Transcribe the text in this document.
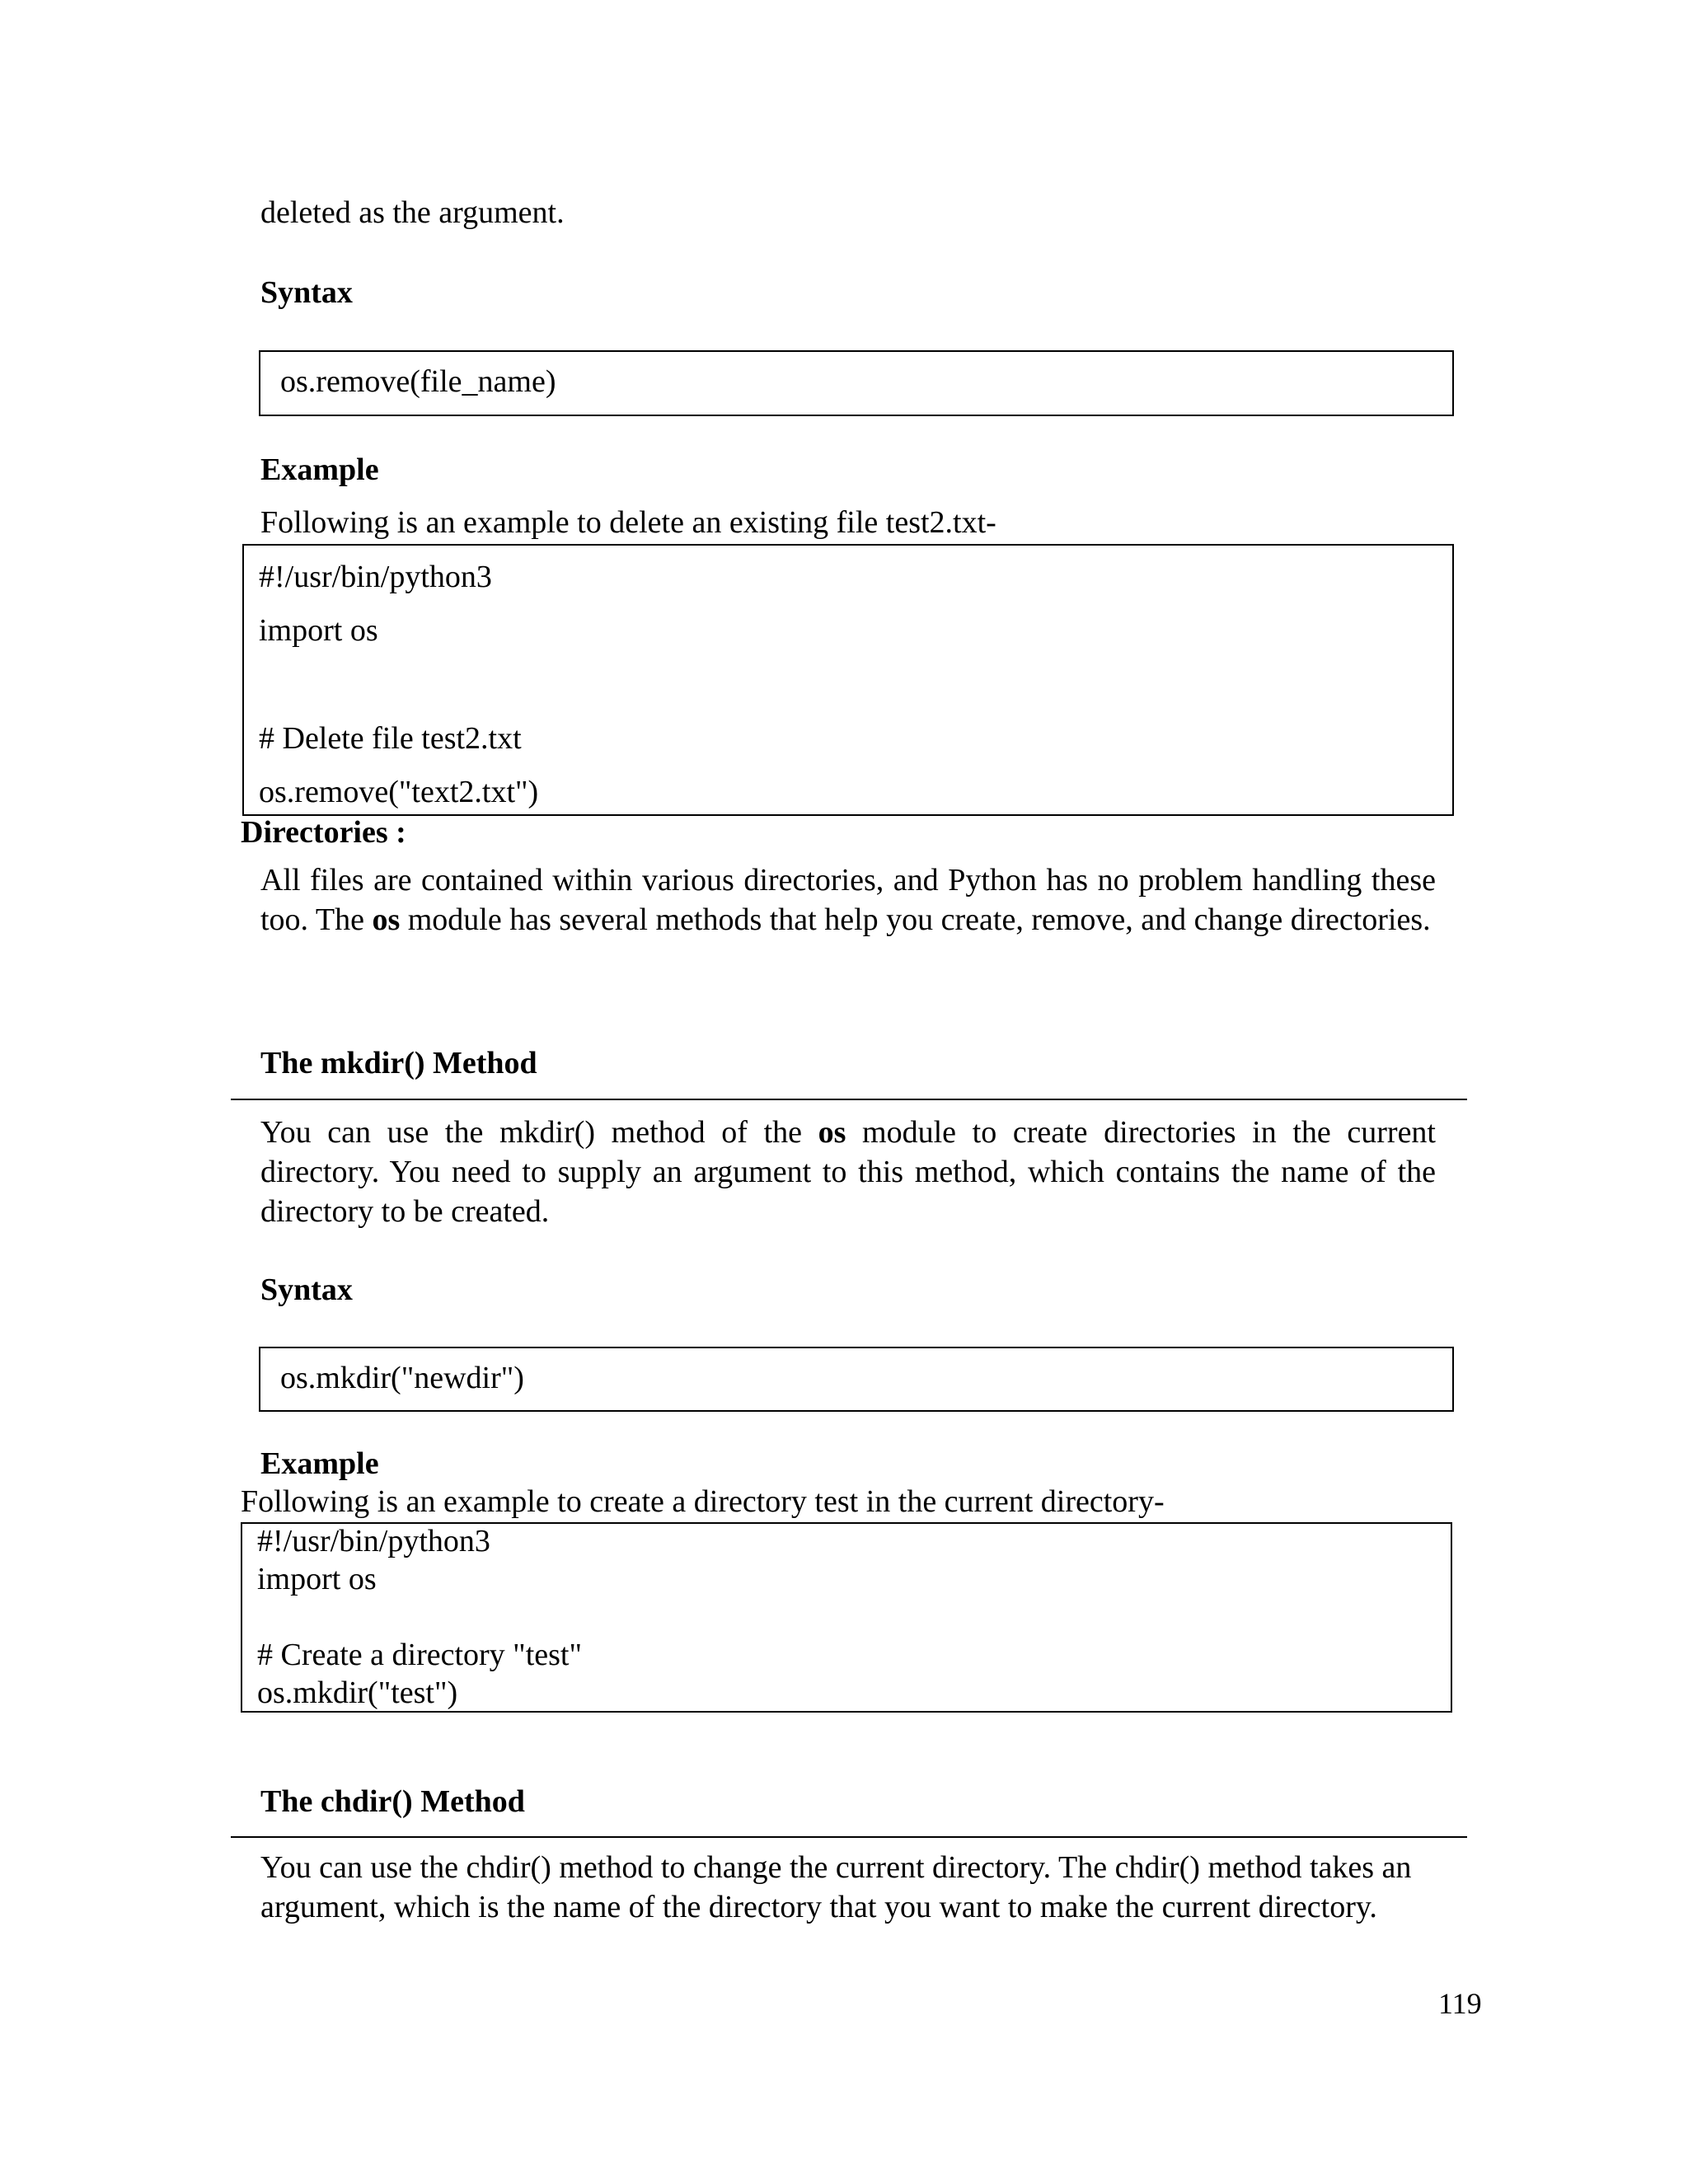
deleted as the argument.
Syntax
os.remove(file_name)
Example
Following is an example to delete an existing file test2.txt-
#!/usr/bin/python3
import os
# Delete file test2.txt
os.remove("text2.txt")
Directories :
All files are contained within various directories, and Python has no problem handling these too. The os module has several methods that help you create, remove, and change directories.
The mkdir() Method
You can use the mkdir() method of the os module to create directories in the current directory. You need to supply an argument to this method, which contains the name of the directory to be created.
Syntax
os.mkdir("newdir")
Example
Following is an example to create a directory test in the current directory-
#!/usr/bin/python3
import os
# Create a directory "test"
os.mkdir("test")
The chdir() Method
You can use the chdir() method to change the current directory. The chdir() method takes an argument, which is the name of the directory that you want to make the current directory.
119
